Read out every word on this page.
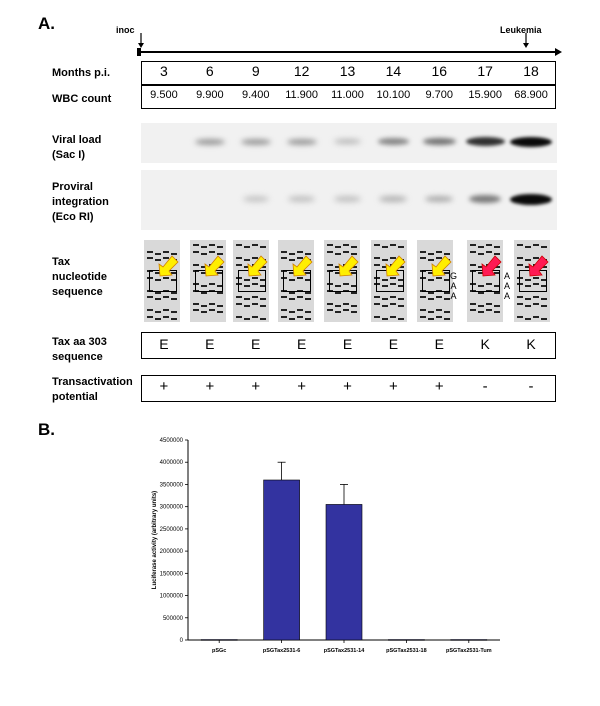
A.	inoc	Leukemia
Months p.i.	3	6	9	12	13	14	16	17	18
WBC count	9.500	9.900	9.400	11.900	11.000	10.100	9.700	15.900	68.900
Viral load
(Sac I)
Proviral
integration
(Eco RI)
Tax
nucleotide
sequence
G
A
A
A
A
A
Tax aa 303
sequence
E	E	E	E	E	E	E	K	K
Transactivation
potential
+	+	+	+	+	+	+	-	-
B.
0
500000
1000000
1500000
2000000
2500000
3000000
3500000
4000000
4500000
Luciferase activity (arbitrary units)
pSGc	pSGTax2531-6	pSGTax2531-14	pSGTax2531-18	pSGTax2531-Tum
